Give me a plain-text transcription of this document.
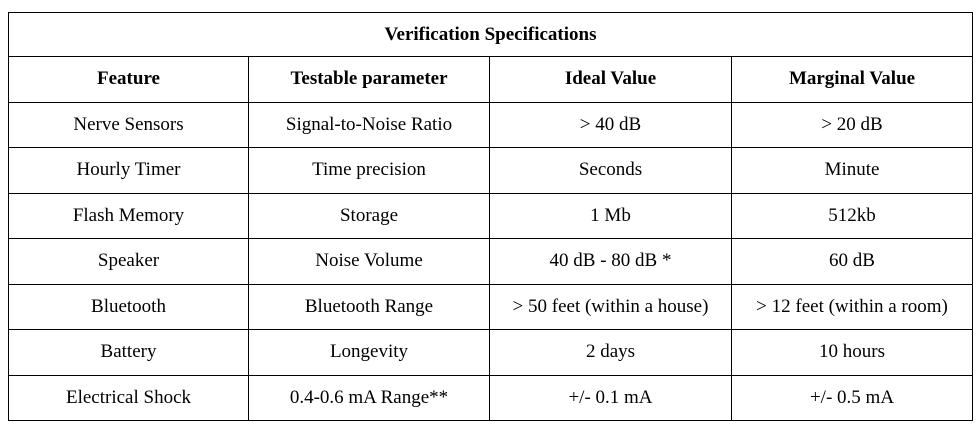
Verification Specifications			
Feature	Testable parameter	Ideal Value	Marginal Value
Nerve Sensors	Signal-to-Noise Ratio	> 40 dB	> 20 dB
Hourly Timer	Time precision	Seconds	Minute
Flash Memory	Storage	1 Mb	512kb
Speaker	Noise Volume	40 dB - 80 dB *	60 dB
Bluetooth	Bluetooth Range	> 50 feet (within a house)	> 12 feet (within a room)
Battery	Longevity	2 days	10 hours
Electrical Shock	0.4-0.6 mA Range**	+/- 0.1 mA	+/- 0.5 mA
